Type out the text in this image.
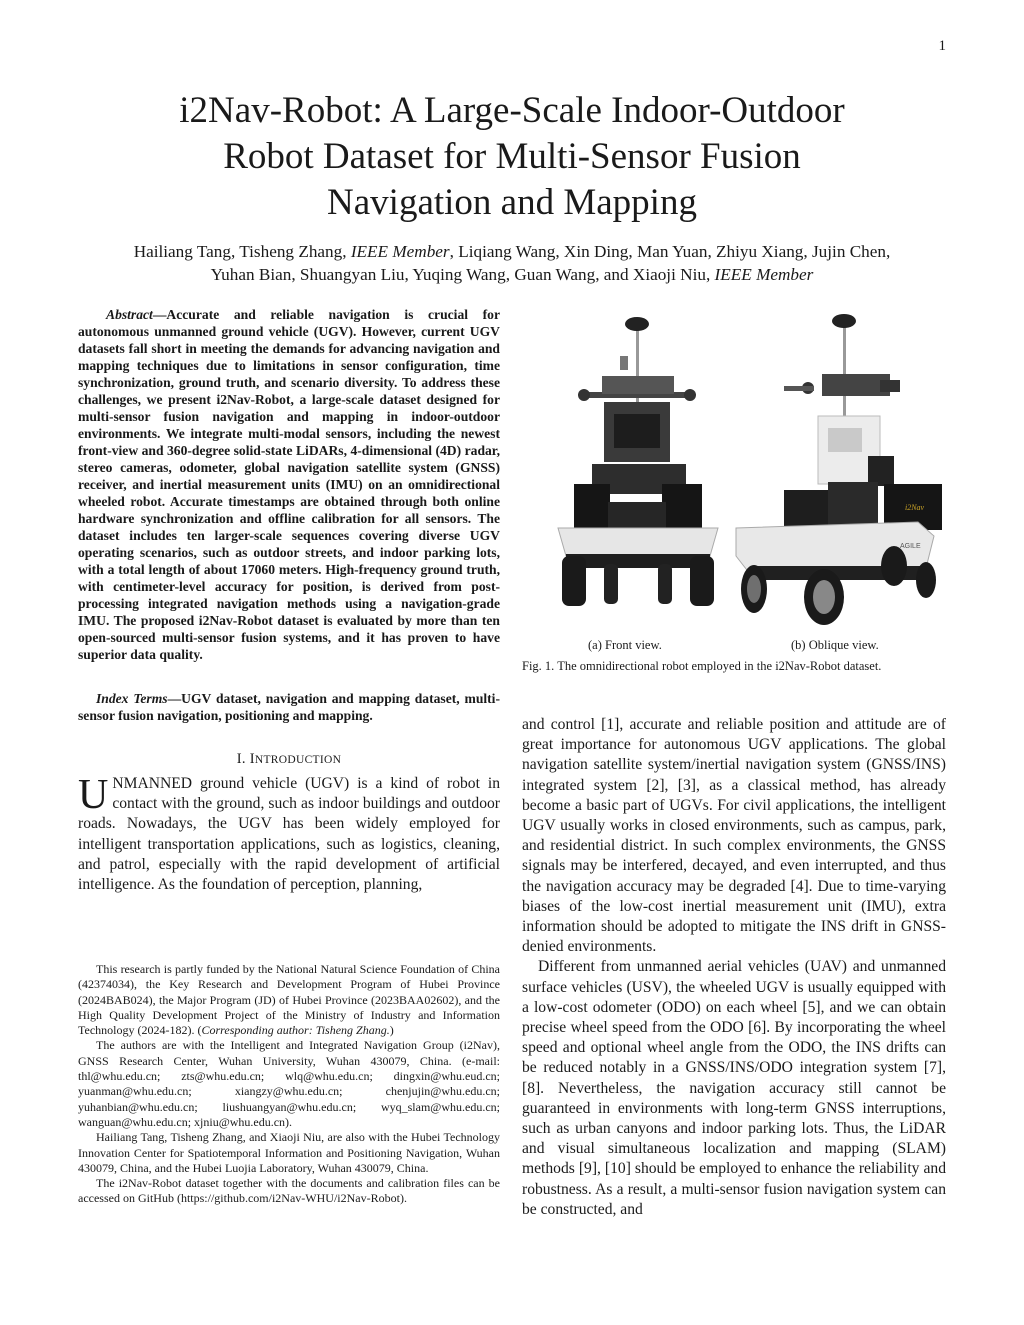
1
i2Nav-Robot: A Large-Scale Indoor-Outdoor
Robot Dataset for Multi-Sensor Fusion
Navigation and Mapping
Hailiang Tang, Tisheng Zhang, IEEE Member, Liqiang Wang, Xin Ding, Man Yuan, Zhiyu Xiang, Jujin Chen,
Yuhan Bian, Shuangyan Liu, Yuqing Wang, Guan Wang, and Xiaoji Niu, IEEE Member

Abstract—Accurate and reliable navigation is crucial for autonomous unmanned ground vehicle (UGV). However, current UGV datasets fall short in meeting the demands for advancing navigation and mapping techniques due to limitations in sensor configuration, time synchronization, ground truth, and scenario diversity. To address these challenges, we present i2Nav-Robot, a large-scale dataset designed for multi-sensor fusion navigation and mapping in indoor-outdoor environments. We integrate multi-modal sensors, including the newest front-view and 360-degree solid-state LiDARs, 4-dimensional (4D) radar, stereo cameras, odometer, global navigation satellite system (GNSS) receiver, and inertial measurement units (IMU) on an omnidirectional wheeled robot. Accurate timestamps are obtained through both online hardware synchronization and offline calibration for all sensors. The dataset includes ten larger-scale sequences covering diverse UGV operating scenarios, such as outdoor streets, and indoor parking lots, with a total length of about 17060 meters. High-frequency ground truth, with centimeter-level accuracy for position, is derived from post-processing integrated navigation methods using a navigation-grade IMU. The proposed i2Nav-Robot dataset is evaluated by more than ten open-sourced multi-sensor fusion systems, and it has proven to have superior data quality.

Index Terms—UGV dataset, navigation and mapping dataset, multi-sensor fusion navigation, positioning and mapping.

I. INTRODUCTION

UNMANNED ground vehicle (UGV) is a kind of robot in contact with the ground, such as indoor buildings and outdoor roads. Nowadays, the UGV has been widely employed for intelligent transportation applications, such as logistics, cleaning, and patrol, especially with the rapid development of artificial intelligence. As the foundation of perception, planning,

This research is partly funded by the National Natural Science Foundation of China (42374034), the Key Research and Development Program of Hubei Province (2024BAB024), the Major Program (JD) of Hubei Province (2023BAA02602), and the High Quality Development Project of the Ministry of Industry and Information Technology (2024-182). (Corresponding author: Tisheng Zhang.)

The authors are with the Intelligent and Integrated Navigation Group (i2Nav), GNSS Research Center, Wuhan University, Wuhan 430079, China. (e-mail: thl@whu.edu.cn; zts@whu.edu.cn; wlq@whu.edu.cn; dingxin@whu.eud.cn; yuanman@whu.edu.cn; xiangzy@whu.edu.cn; chenjujin@whu.edu.cn; yuhanbian@whu.edu.cn; liushuangyan@whu.edu.cn; wyq_slam@whu.edu.cn; wanguan@whu.edu.cn; xjniu@whu.edu.cn).

Hailiang Tang, Tisheng Zhang, and Xiaoji Niu, are also with the Hubei Technology Innovation Center for Spatiotemporal Information and Positioning Navigation, Wuhan 430079, China, and the Hubei Luojia Laboratory, Wuhan 430079, China.

The i2Nav-Robot dataset together with the documents and calibration files can be accessed on GitHub (https://github.com/i2Nav-WHU/i2Nav-Robot).

i2Nav
AGILE
(a) Front view.	(b) Oblique view.
Fig. 1. The omnidirectional robot employed in the i2Nav-Robot dataset.

and control [1], accurate and reliable position and attitude are of great importance for autonomous UGV applications. The global navigation satellite system/inertial navigation system (GNSS/INS) integrated system [2], [3], as a classical method, has already become a basic part of UGVs. For civil applications, the intelligent UGV usually works in closed environments, such as campus, park, and residential district. In such complex environments, the GNSS signals may be interfered, decayed, and even interrupted, and thus the navigation accuracy may be degraded [4]. Due to time-varying biases of the low-cost inertial measurement unit (IMU), extra information should be adopted to mitigate the INS drift in GNSS-denied environments.

Different from unmanned aerial vehicles (UAV) and unmanned surface vehicles (USV), the wheeled UGV is usually equipped with a low-cost odometer (ODO) on each wheel [5], and we can obtain precise wheel speed from the ODO [6]. By incorporating the wheel speed and optional wheel angle from the ODO, the INS drifts can be reduced notably in a GNSS/INS/ODO integration system [7], [8]. Nevertheless, the navigation accuracy still cannot be guaranteed in environments with long-term GNSS interruptions, such as urban canyons and indoor parking lots. Thus, the LiDAR and visual simultaneous localization and mapping (SLAM) methods [9], [10] should be employed to enhance the reliability and robustness. As a result, a multi-sensor fusion navigation system can be constructed, and
